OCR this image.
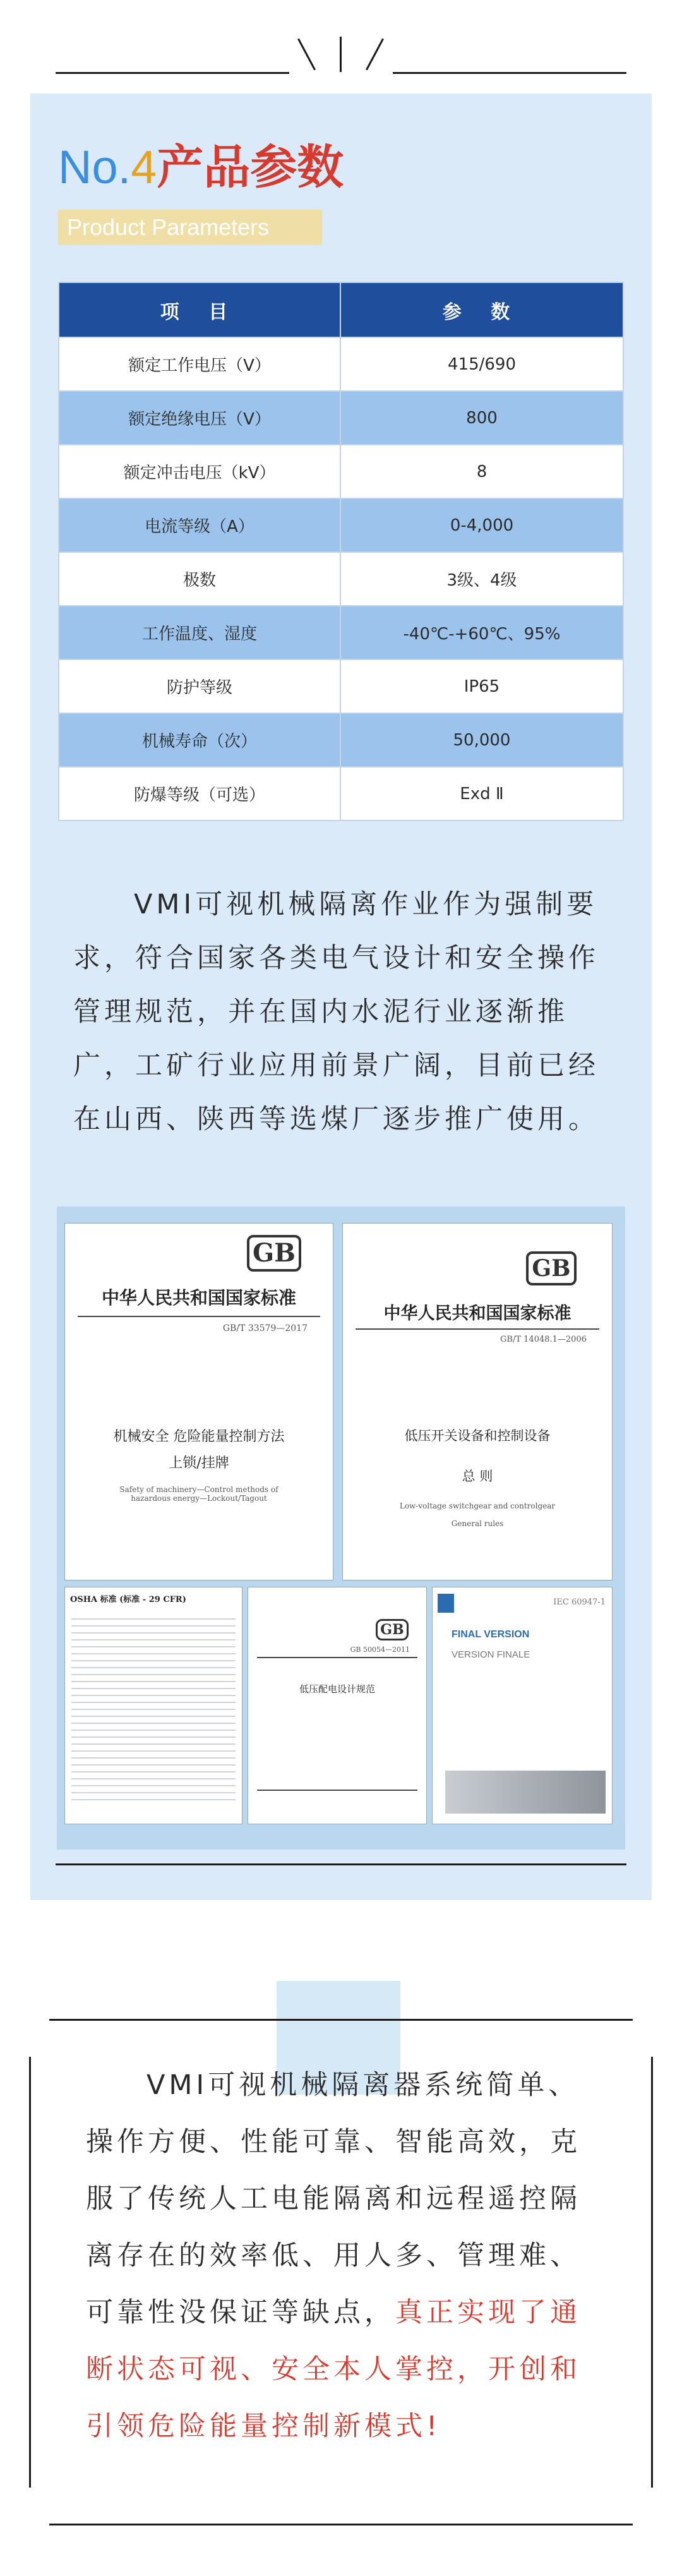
No.4产品参数
Product Parameters
项 目	参 数
额定工作电压（V）	415/690
额定绝缘电压（V）	800
额定冲击电压（kV）	8
电流等级（A）	0-4,000
极数	3级、4级
工作温度、湿度	-40℃-+60℃、95%
防护等级	IP65
机械寿命（次）	50,000
防爆等级（可选）	Exd Ⅱ

VMI可视机械隔离作业作为强制要求，符合国家各类电气设计和安全操作管理规范，并在国内水泥行业逐渐推广，工矿行业应用前景广阔，目前已经在山西、陕西等选煤厂逐步推广使用。

GB
中华人民共和国国家标准
GB/T 33579—2017
机械安全 危险能量控制方法
上锁/挂牌
Safety of machinery—Control methods of hazardous energy—Lockout/Tagout
GB
中华人民共和国国家标准
GB/T 14048.1—2006
低压开关设备和控制设备
总 则
Low-voltage switchgear and controlgear
General rules
OSHA 标准 (标准 - 29 CFR)
GB
GB 50054—2011
低压配电设计规范
IEC 60947-1
FINAL VERSION
VERSION FINALE

VMI可视机械隔离器系统简单、操作方便、性能可靠、智能高效，克服了传统人工电能隔离和远程遥控隔离存在的效率低、用人多、管理难、可靠性没保证等缺点，真正实现了通断状态可视、安全本人掌控，开创和引领危险能量控制新模式!
